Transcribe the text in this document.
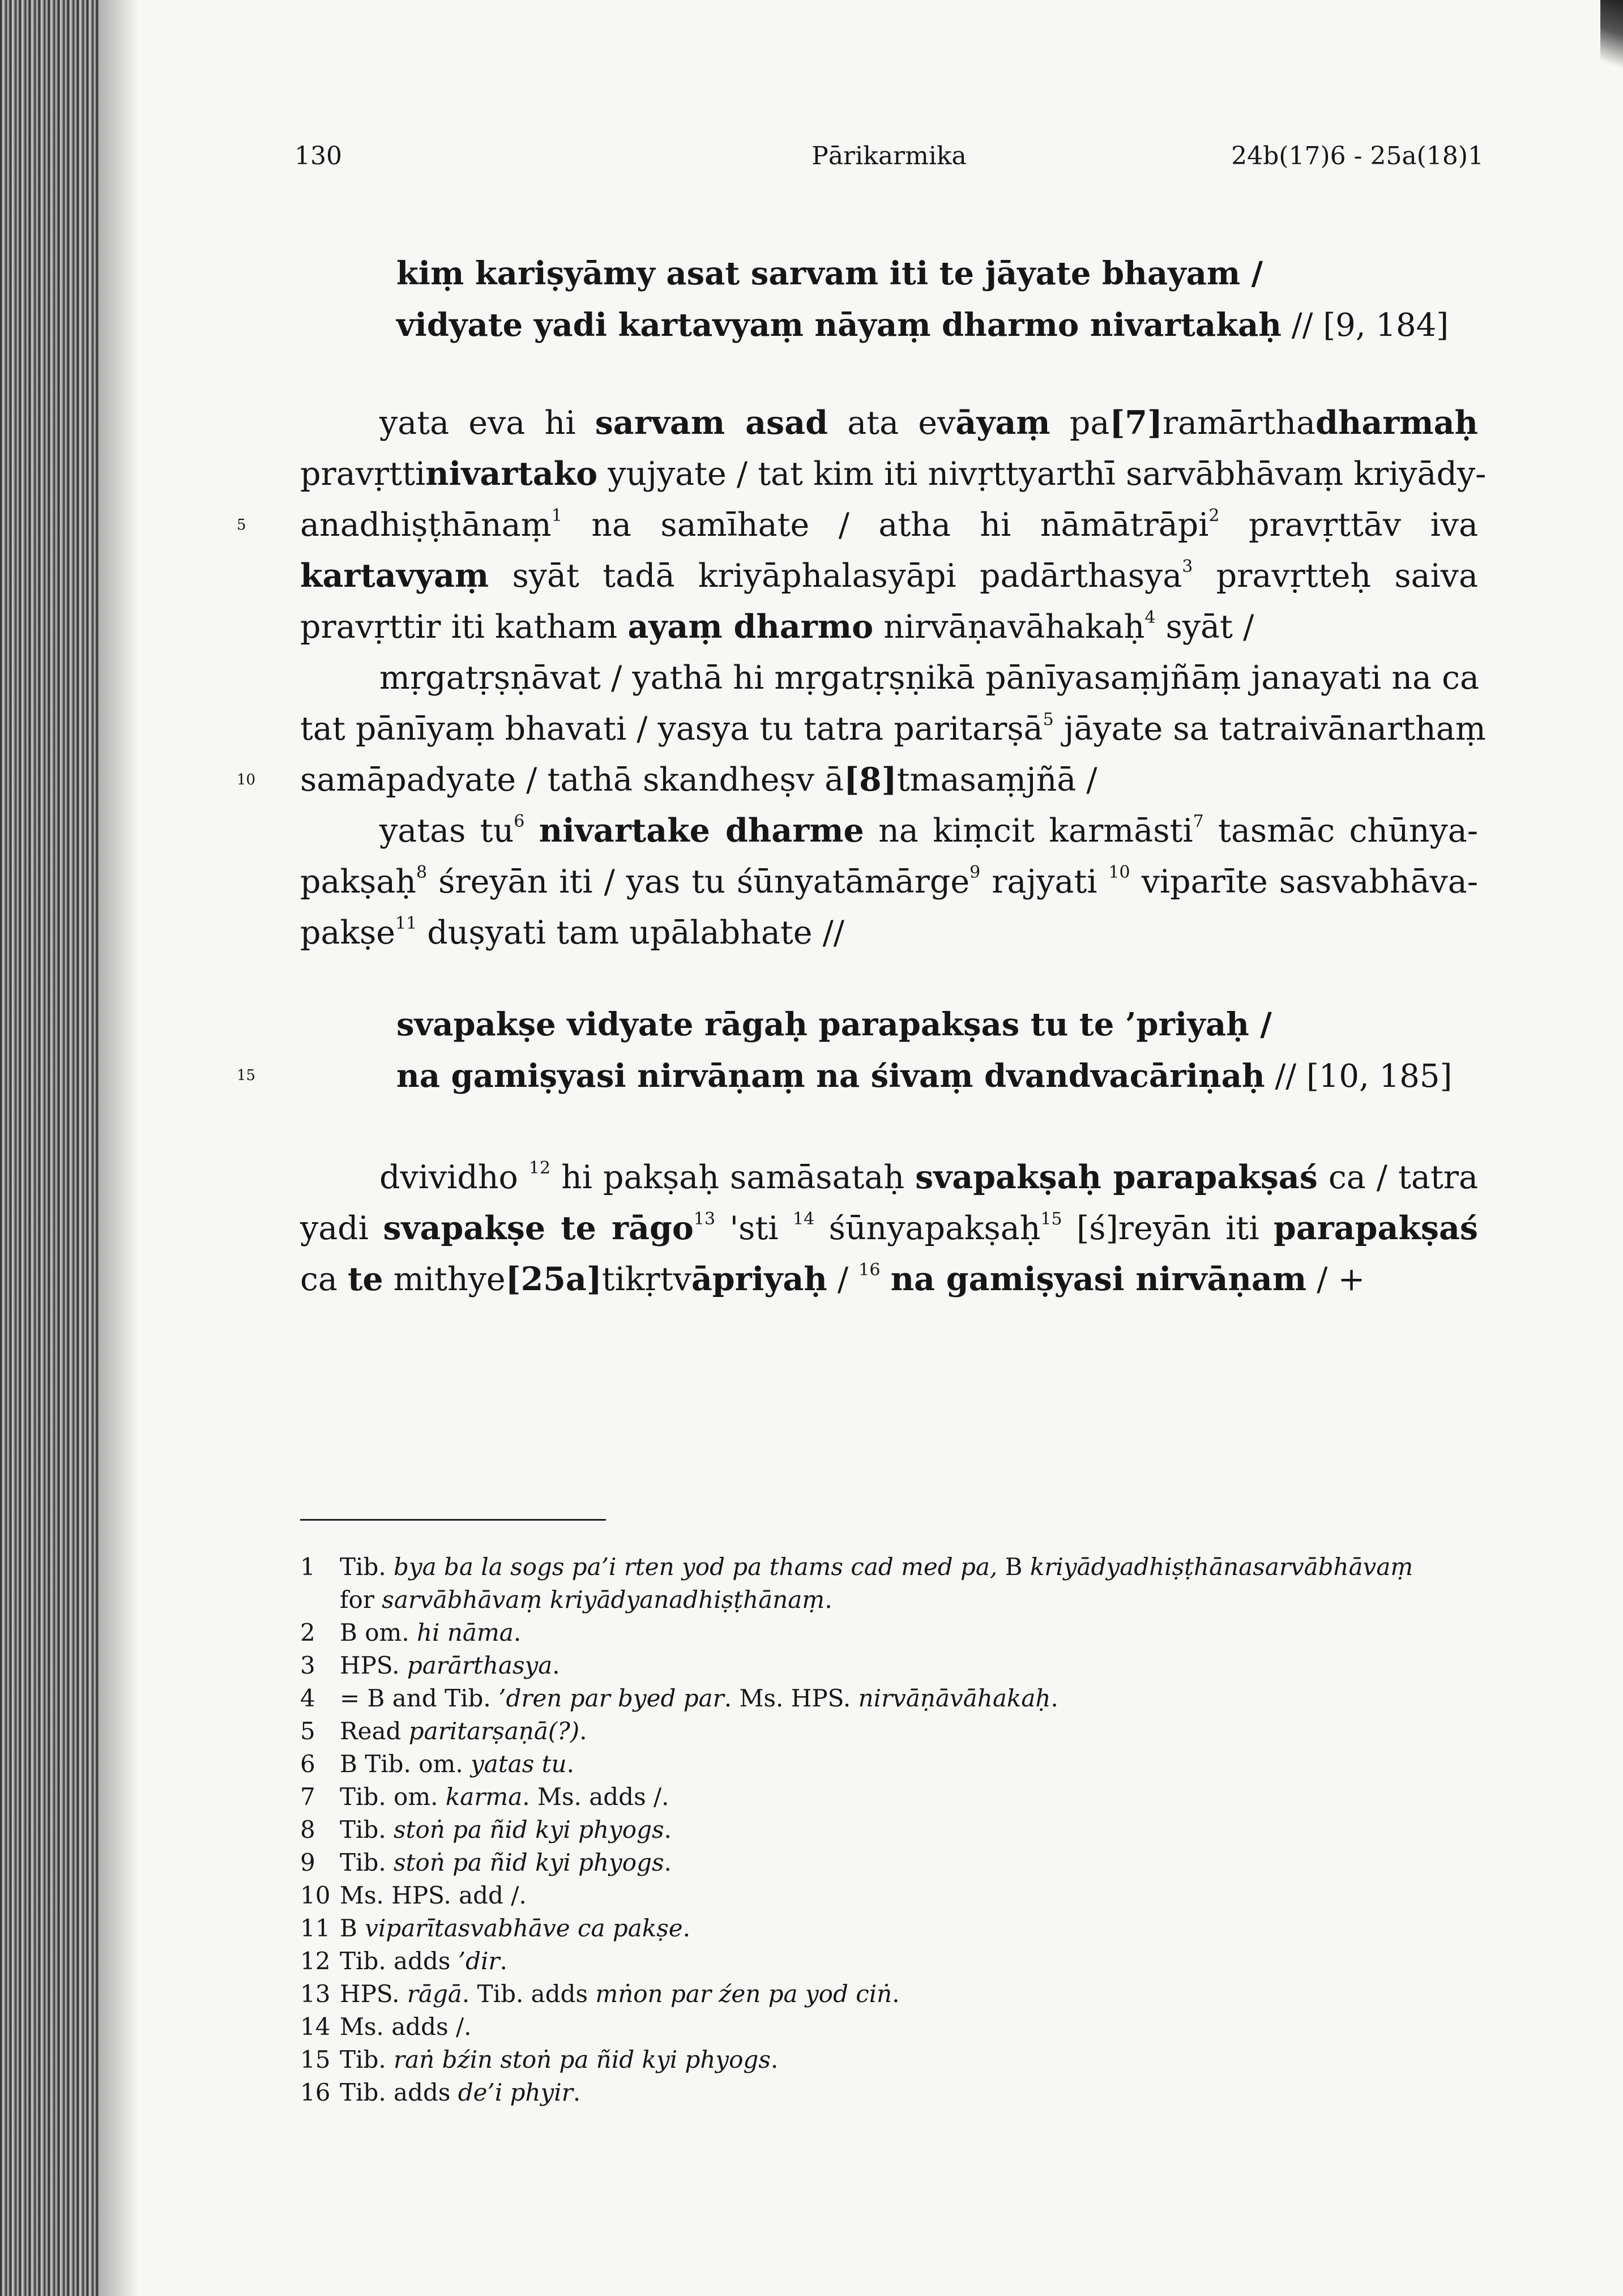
130	Pārikarmika	24b(17)6 - 25a(18)1
kiṃ kariṣyāmy asat sarvam iti te jāyate bhayam /
vidyate yadi kartavyaṃ nāyaṃ dharmo nivartakaḥ // [9, 184]
yata eva hi sarvam asad ata evāyaṃ pa[7]ramārthadharmaḥ
pravṛttinivartako yujyate / tat kim iti nivṛttyarthī sarvābhāvaṃ kriyādy-
anadhiṣṭhānaṃ$^1$ na samīhate / atha hi nāmātrāpi$^2$ pravṛttāv iva
kartavyaṃ syāt tadā kriyāphalasyāpi padārthasya$^3$ pravṛtteḥ saiva
pravṛttir iti katham ayaṃ dharmo nirvāṇavāhakaḥ$^4$ syāt /
mṛgatṛṣṇāvat / yathā hi mṛgatṛṣṇikā pānīyasaṃjñāṃ janayati na ca
tat pānīyaṃ bhavati / yasya tu tatra paritarṣā$^5$ jāyate sa tatraivānarthaṃ
samāpadyate / tathā skandheṣv ā[8]tmasaṃjñā /
yatas $tu^6$ nivartake dharme na kiṃcit karmāsti$^7$ tasmāc chūnya-
pakṣaḥ$^8$ śreyān iti / yas tu śūnyatāmārge$^9$ rajyati $^{10}$ viparīte sasvabhāva-
pakṣe$^{11}$ duṣyati tam upālabhate //
svapakṣe vidyate rāgaḥ parapakṣas tu te ’priyaḥ /
na gamiṣyasi nirvāṇaṃ na śivaṃ dvandvacāriṇaḥ // [10, 185]
dvividho $^{12}$ hi pakṣaḥ samāsataḥ svapakṣaḥ parapakṣaś ca / tatra
yadi svapakṣe te rāgo$^{13}$ 'sti $^{14}$ śūnyapakṣaḥ$^{15}$ [ś]reyān iti parapakṣaś
ca te mithye[25a]tikṛtvāpriyaḥ / $^{16}$ na gamiṣyasi nirvāṇam / +
5
10
15
1	Tib. bya ba la sogs pa’i rten yod pa thams cad med pa, B kriyādyadhiṣṭhānasarvābhāvaṃ
for sarvābhāvaṃ kriyādyanadhiṣṭhānaṃ.
2	B om. hi nāma.
3	HPS. parārthasya.
4	= B and Tib. ’dren par byed par. Ms. HPS. nirvāṇāvāhakaḥ.
5	Read paritarṣaṇā(?).
6	B Tib. om. yatas tu.
7	Tib. om. karma. Ms. adds /.
8	Tib. stoṅ pa ñid kyi phyogs.
9	Tib. stoṅ pa ñid kyi phyogs.
10 Ms. HPS. add /.
11 B viparītasvabhāve ca pakṣe.
12 Tib. adds ’dir.
13 HPS. rāgā. Tib. adds mṅon par źen pa yod ciṅ.
14 Ms. adds /.
15 Tib. raṅ bźin stoṅ pa ñid kyi phyogs.
16 Tib. adds de’i phyir.
